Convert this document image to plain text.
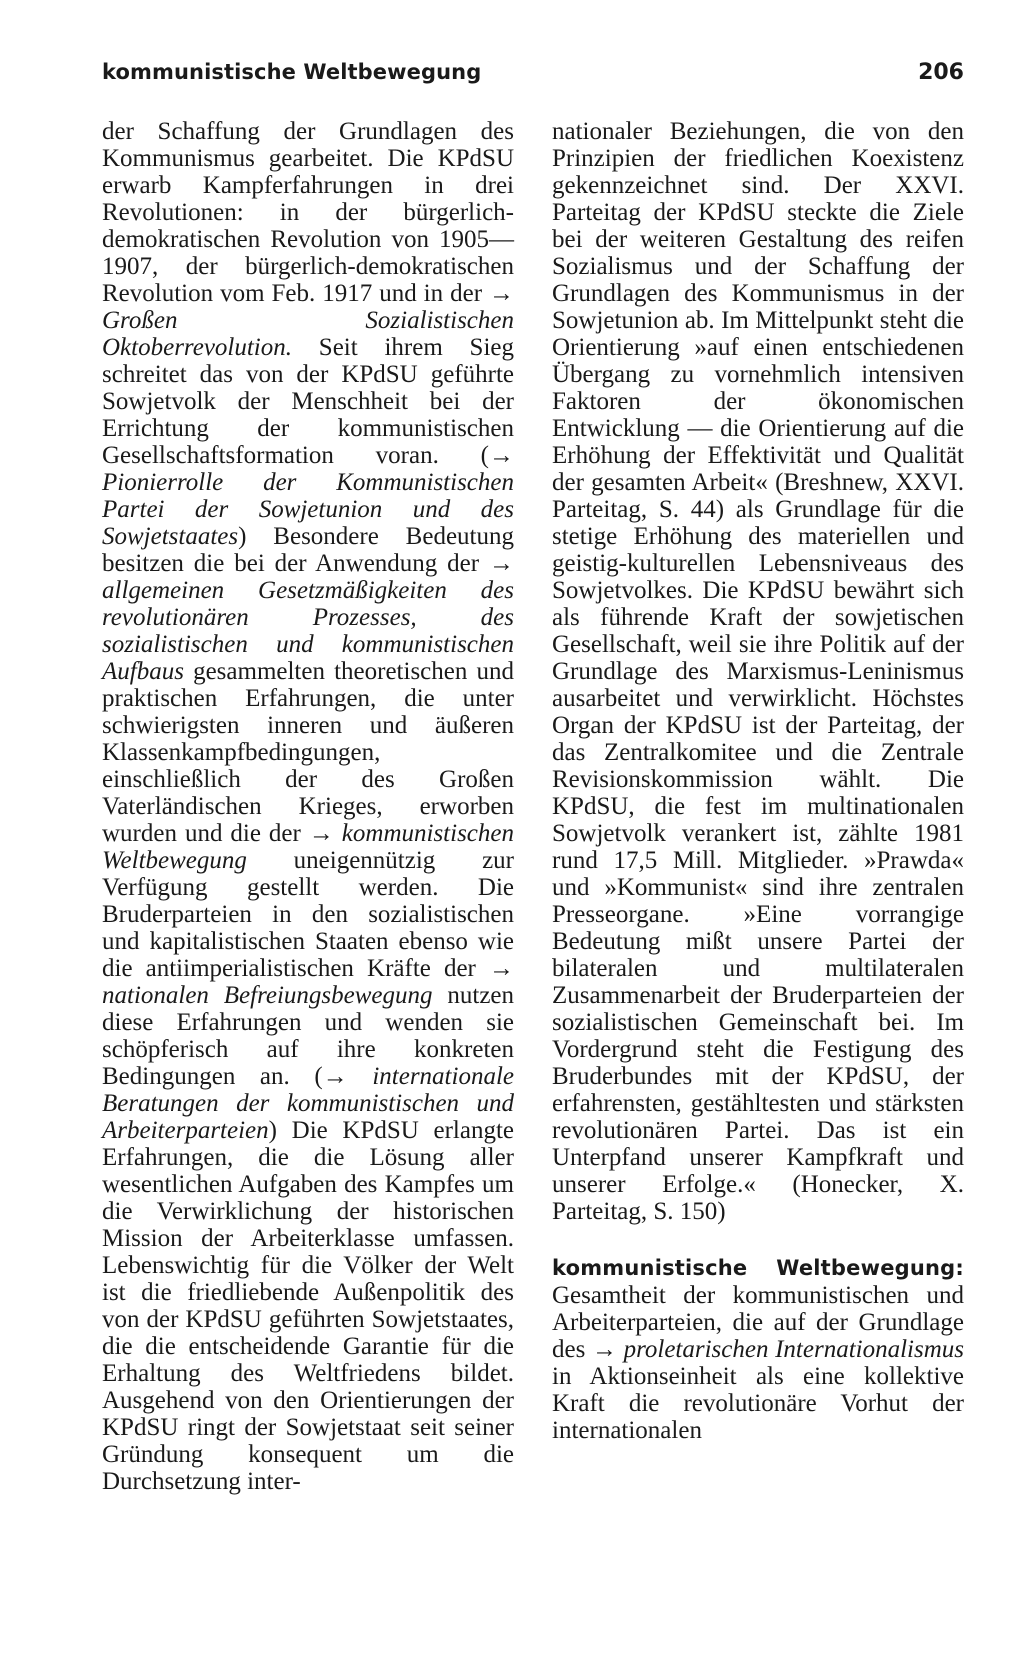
kommunistische Weltbewegung	206

der Schaffung der Grundlagen des Kommunismus gearbeitet. Die KPdSU erwarb Kampferfahrungen in drei Revolutionen: in der bürgerlich-demokratischen Revolution von 1905—1907, der bürgerlich-demokratischen Revolution vom Feb. 1917 und in der → Großen Sozialistischen Oktoberrevolution. Seit ihrem Sieg schreitet das von der KPdSU geführte Sowjetvolk der Menschheit bei der Errichtung der kommunistischen Gesellschaftsformation voran. (→ Pionierrolle der Kommunistischen Partei der Sowjetunion und des Sowjetstaates) Besondere Bedeutung besitzen die bei der Anwendung der → allgemeinen Gesetzmäßigkeiten des revolutionären Prozesses, des sozialistischen und kommunistischen Aufbaus gesammelten theoretischen und praktischen Erfahrungen, die unter schwierigsten inneren und äußeren Klassenkampfbedingungen, einschließlich der des Großen Vaterländischen Krieges, erworben wurden und die der → kommunistischen Weltbewegung uneigennützig zur Verfügung gestellt werden. Die Bruderparteien in den sozialistischen und kapitalistischen Staaten ebenso wie die antiimperialistischen Kräfte der → nationalen Befreiungsbewegung nutzen diese Erfahrungen und wenden sie schöpferisch auf ihre konkreten Bedingungen an. (→ internationale Beratungen der kommunistischen und Arbeiterparteien) Die KPdSU erlangte Erfahrungen, die die Lösung aller wesentlichen Aufgaben des Kampfes um die Verwirklichung der historischen Mission der Arbeiterklasse umfassen. Lebenswichtig für die Völker der Welt ist die friedliebende Außenpolitik des von der KPdSU geführten Sowjetstaates, die die entscheidende Garantie für die Erhaltung des Weltfriedens bildet. Ausgehend von den Orientierungen der KPdSU ringt der Sowjetstaat seit seiner Gründung konsequent um die Durchsetzung inter-

nationaler Beziehungen, die von den Prinzipien der friedlichen Koexistenz gekennzeichnet sind. Der XXVI. Parteitag der KPdSU steckte die Ziele bei der weiteren Gestaltung des reifen Sozialismus und der Schaffung der Grundlagen des Kommunismus in der Sowjetunion ab. Im Mittelpunkt steht die Orientierung »auf einen entschiedenen Übergang zu vornehmlich intensiven Faktoren der ökonomischen Entwicklung — die Orientierung auf die Erhöhung der Effektivität und Qualität der gesamten Arbeit« (Breshnew, XXVI. Parteitag, S. 44) als Grundlage für die stetige Erhöhung des materiellen und geistig-kulturellen Lebensniveaus des Sowjetvolkes. Die KPdSU bewährt sich als führende Kraft der sowjetischen Gesellschaft, weil sie ihre Politik auf der Grundlage des Marxismus-Leninismus ausarbeitet und verwirklicht. Höchstes Organ der KPdSU ist der Parteitag, der das Zentralkomitee und die Zentrale Revisionskommission wählt. Die KPdSU, die fest im multinationalen Sowjetvolk verankert ist, zählte 1981 rund 17,5 Mill. Mitglieder. »Prawda« und »Kommunist« sind ihre zentralen Presseorgane. »Eine vorrangige Bedeutung mißt unsere Partei der bilateralen und multilateralen Zusammenarbeit der Bruderparteien der sozialistischen Gemeinschaft bei. Im Vordergrund steht die Festigung des Bruderbundes mit der KPdSU, der erfahrensten, gestähltesten und stärksten revolutionären Partei. Das ist ein Unterpfand unserer Kampfkraft und unserer Erfolge.« (Honecker, X. Parteitag, S. 150)

kommunistische Weltbewegung: Gesamtheit der kommunistischen und Arbeiterparteien, die auf der Grundlage des → proletarischen Internationalismus in Aktionseinheit als eine kollektive Kraft die revolutionäre Vorhut der internationalen
